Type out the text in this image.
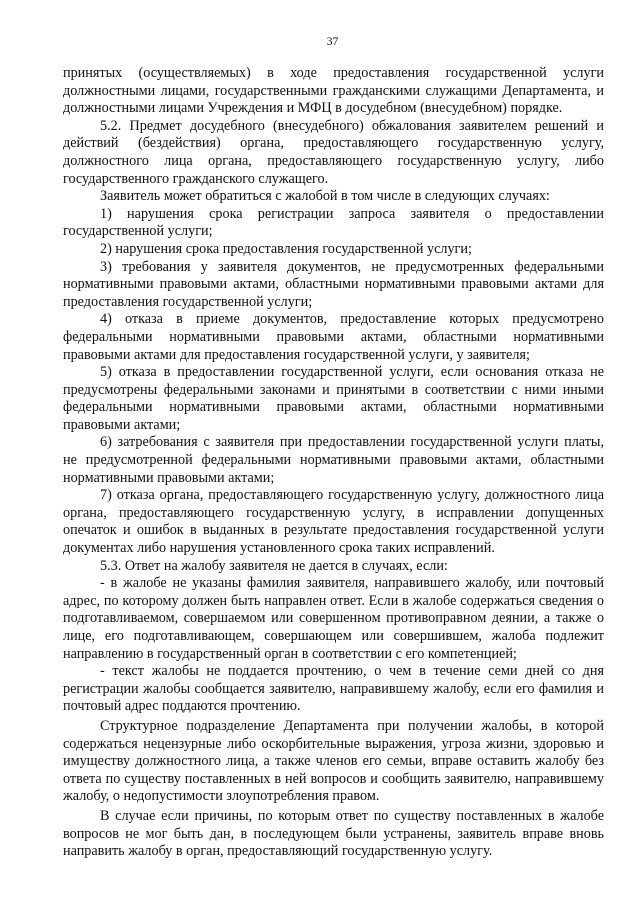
37

принятых (осуществляемых) в ходе предоставления государственной услуги должностными лицами, государственными гражданскими служащими Департамента, и должностными лицами Учреждения и МФЦ в досудебном (внесудебном) порядке.

5.2. Предмет досудебного (внесудебного) обжалования заявителем решений и действий (бездействия) органа, предоставляющего государственную услугу, должностного лица органа, предоставляющего государственную услугу, либо государственного гражданского служащего.

Заявитель может обратиться с жалобой в том числе в следующих случаях:

1) нарушения срока регистрации запроса заявителя о предоставлении государственной услуги;

2) нарушения срока предоставления государственной услуги;

3) требования у заявителя документов, не предусмотренных федеральными нормативными правовыми актами, областными нормативными правовыми актами для предоставления государственной услуги;

4) отказа в приеме документов, предоставление которых предусмотрено федеральными нормативными правовыми актами, областными нормативными правовыми актами для предоставления государственной услуги, у заявителя;

5) отказа в предоставлении государственной услуги, если основания отказа не предусмотрены федеральными законами и принятыми в соответствии с ними иными федеральными нормативными правовыми актами, областными нормативными правовыми актами;

6) затребования с заявителя при предоставлении государственной услуги платы, не предусмотренной федеральными нормативными правовыми актами, областными нормативными правовыми актами;

7) отказа органа, предоставляющего государственную услугу, должностного лица органа, предоставляющего государственную услугу, в исправлении допущенных опечаток и ошибок в выданных в результате предоставления государственной услуги документах либо нарушения установленного срока таких исправлений.

5.3. Ответ на жалобу заявителя не дается в случаях, если:

- в жалобе не указаны фамилия заявителя, направившего жалобу, или почтовый адрес, по которому должен быть направлен ответ. Если в жалобе содержаться сведения о подготавливаемом, совершаемом или совершенном противоправном деянии, а также о лице, его подготавливающем, совершающем или совершившем, жалоба подлежит направлению в государственный орган в соответствии с его компетенцией;

- текст жалобы не поддается прочтению, о чем в течение семи дней со дня регистрации жалобы сообщается заявителю, направившему жалобу, если его фамилия и почтовый адрес поддаются прочтению.

Структурное подразделение Департамента при получении жалобы, в которой содержаться нецензурные либо оскорбительные выражения, угроза жизни, здоровью и имуществу должностного лица, а также членов его семьи, вправе оставить жалобу без ответа по существу поставленных в ней вопросов и сообщить заявителю, направившему жалобу, о недопустимости злоупотребления правом.

В случае если причины, по которым ответ по существу поставленных в жалобе вопросов не мог быть дан, в последующем были устранены, заявитель вправе вновь направить жалобу в орган, предоставляющий государственную услугу.
